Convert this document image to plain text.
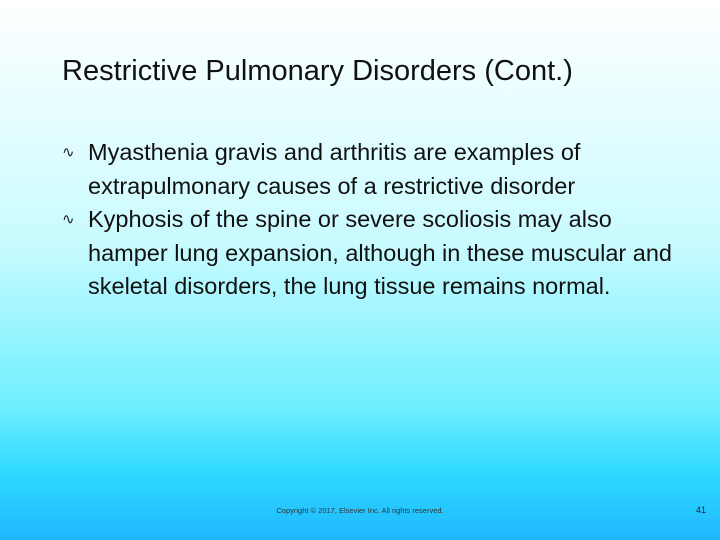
Restrictive Pulmonary Disorders (Cont.)
∿ Myasthenia gravis and arthritis are examples of extrapulmonary causes of a restrictive disorder
∿ Kyphosis of the spine or severe scoliosis may also hamper lung expansion, although in these muscular and skeletal disorders, the lung tissue remains normal.
Copyright © 2017, Elsevier Inc. All rights reserved.	41
